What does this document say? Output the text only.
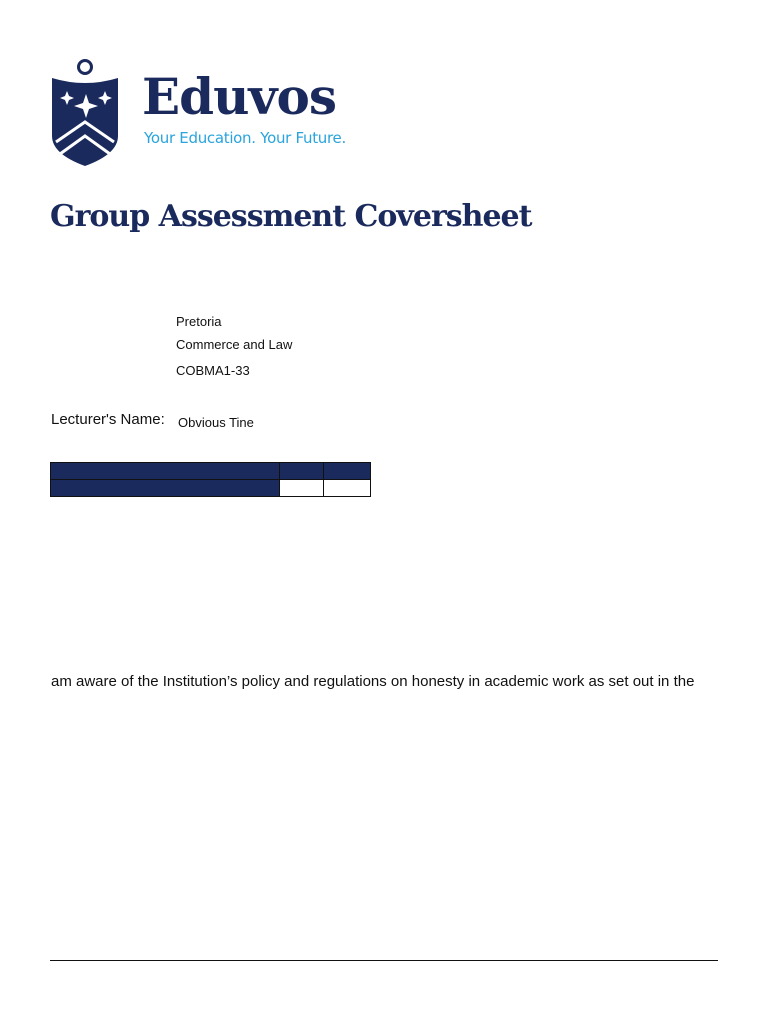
Eduvos
Your Education. Your Future.
Group Assessment Coversheet
Pretoria
Commerce and Law
COBMA1-33
Lecturer's Name: Obvious Tine

am aware of the Institution’s policy and regulations on honesty in academic work as set out in the
